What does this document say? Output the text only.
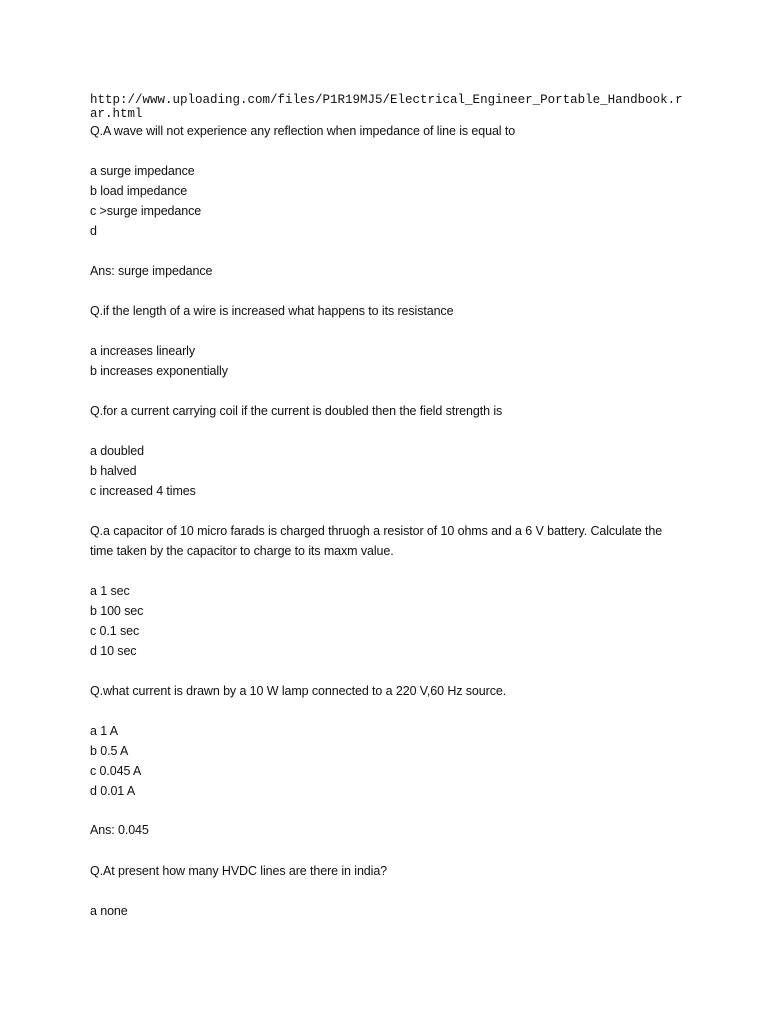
http://www.uploading.com/files/P1R19MJ5/Electrical_Engineer_Portable_Handbook.rar.html
Q.A wave will not experience any reflection when impedance of line is equal to
a surge impedance
b load impedance
c >surge impedance
d
Ans: surge impedance
Q.if the length of a wire is increased what happens to its resistance
a increases linearly
b increases exponentially
Q.for a current carrying coil if the current is doubled then the field strength is
a doubled
b halved
c increased 4 times
Q.a capacitor of 10 micro farads is charged thruogh a resistor of 10 ohms and a 6 V battery. Calculate the
time taken by the capacitor to charge to its maxm value.
a 1 sec
b 100 sec
c 0.1 sec
d 10 sec
Q.what current is drawn by a 10 W lamp connected to a 220 V,60 Hz source.
a 1 A
b 0.5 A
c 0.045 A
d 0.01 A
Ans: 0.045
Q.At present how many HVDC lines are there in india?
a none
